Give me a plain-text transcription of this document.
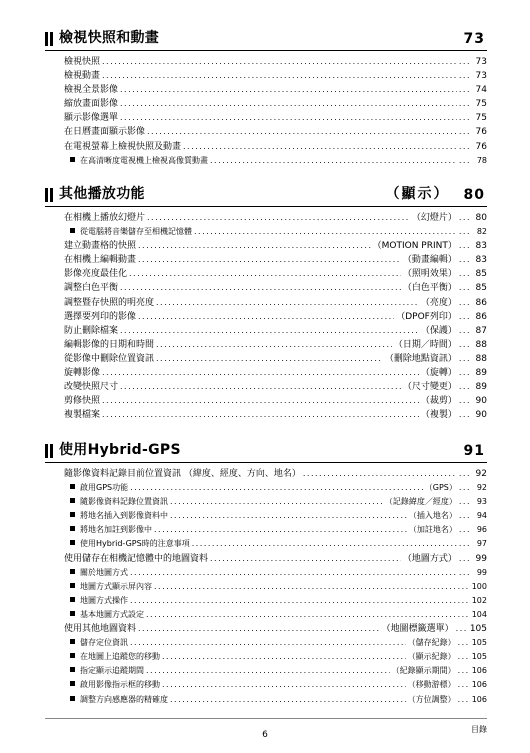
檢視快照和動畫	73
檢視快照 .....	... 73
檢視動畫 .....	... 73
檢視全景影像 .....	... 74
縮放畫面影像 .....	... 75
顯示影像選單 .....	... 75
在日曆畫面顯示影像 .....	... 76
在電視螢幕上檢視快照及動畫 .....	... 76
在高清晰度電視機上檢視高像質動畫 .....	... 78
其他播放功能	（顯示） 80
在相機上播放幻燈片 .....	（幻燈片） ... 80
從電腦將音樂儲存至相機記憶體 .....	... 82
建立動畫格的快照 .....	（MOTION PRINT） ... 83
在相機上編輯動畫 .....	（動畫編輯） ... 83
影像亮度最佳化 .....	（照明效果） ... 85
調整白色平衡 .....	（白色平衡） ... 85
調整暨存快照的明亮度 .....	（亮度） ... 86
選擇要列印的影像 .....	（DPOF列印） ... 86
防止刪除檔案 .....	（保護） ... 87
編輯影像的日期和時間 .....	（日期／時間） ... 88
從影像中刪除位置資訊 .....	（刪除地點資訊） ... 88
旋轉影像 .....	（旋轉） ... 89
改變快照尺寸 .....	（尺寸變更） ... 89
剪修快照 .....	（裁剪） ... 90
複製檔案 .....	（複製） ... 90
使用Hybrid-GPS	91
隨影像資料記錄目前位置資訊 （緯度、經度、方向、地名） .....	... 92
啟用GPS功能 .....	（GPS） ... 92
隨影像資料記錄位置資訊 .....	（記錄緯度／經度） ... 93
將地名插入到影像資料中 .....	（插入地名） ... 94
將地名加註到影像中 .....	（加註地名） ... 96
使用Hybrid-GPS時的注意事項 .....	... 97
使用儲存在相機記憶體中的地圖資料 .....	（地圖方式） ... 99
關於地圖方式 .....	... 99
地圖方式顯示屏內容 .....	... 100
地圖方式操作 .....	... 102
基本地圖方式設定 .....	... 104
使用其他地圖資料 .....	（地圖標籤選單） ... 105
儲存定位資訊 .....	（儲存紀錄） ... 105
在地圖上追蹤您的移動 .....	（顯示紀錄） ... 105
指定顯示追蹤期間 .....	（紀錄顯示期間） ... 106
啟用影像指示框的移動 .....	（移動游標） ... 106
調整方向感應器的精確度 .....	（方位調整） ... 106
6
目錄
